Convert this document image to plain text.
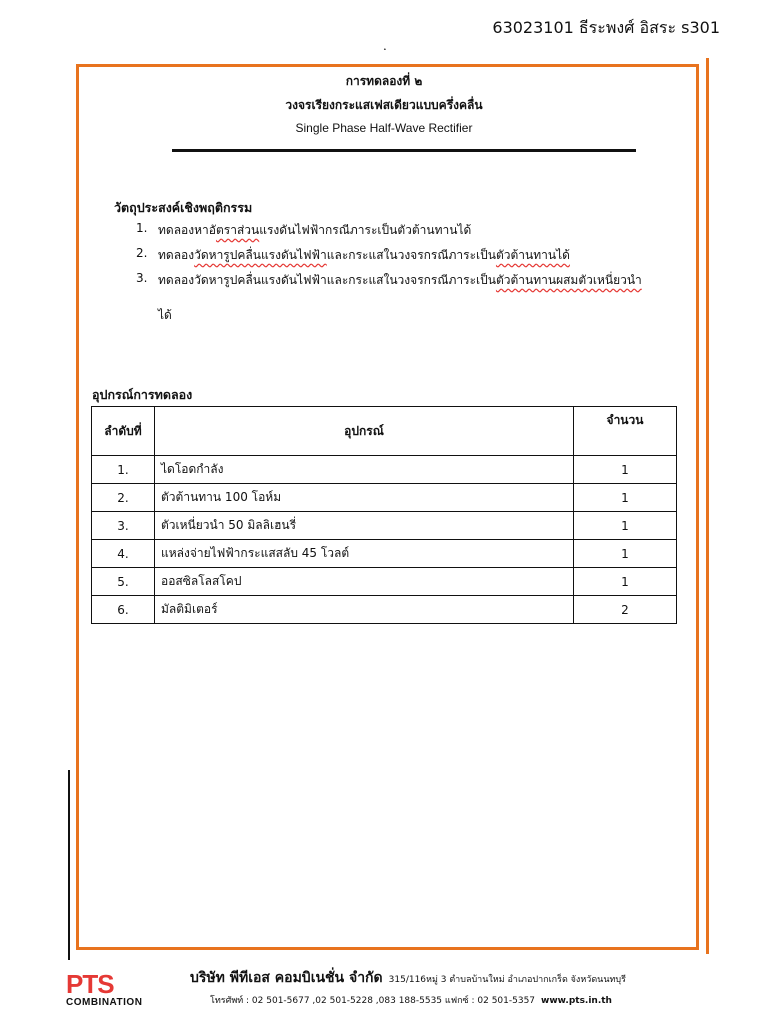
63023101 ธีระพงศ์ อิสระ s301
การทดลองที่ ๒
วงจรเรียงกระแสเฟสเดียวแบบครึ่งคลื่น
Single Phase Half-Wave Rectifier
วัตถุประสงค์เชิงพฤติกรรม
1. ทดลองหาอัตราส่วนแรงดันไฟฟ้ากรณีภาระเป็นตัวต้านทานได้
2. ทดลองวัดหารูปคลื่นแรงดันไฟฟ้าและกระแสในวงจรกรณีภาระเป็นตัวต้านทานได้
3. ทดลองวัดหารูปคลื่นแรงดันไฟฟ้าและกระแสในวงจรกรณีภาระเป็นตัวต้านทานผสมตัวเหนี่ยวนำ
ได้
อุปกรณ์การทดลอง
ลำดับที่	อุปกรณ์	จำนวน
1.	ไดโอดกำลัง	1
2.	ตัวต้านทาน 100 โอห์ม	1
3.	ตัวเหนี่ยวนำ 50 มิลลิเฮนรี่	1
4.	แหล่งจ่ายไฟฟ้ากระแสสลับ 45 โวลต์	1
5.	ออสซิลโลสโคป	1
6.	มัลติมิเตอร์	2
PTS
COMBINATION
บริษัท พีทีเอส คอมบิเนชั่น จำกัด 315/116หมู่ 3 ตำบลบ้านใหม่ อำเภอปากเกร็ด จังหวัดนนทบุรี
โทรศัพท์ : 02 501-5677 ,02 501-5228 ,083 188-5535 แฟกซ์ : 02 501-5357 www.pts.in.th
